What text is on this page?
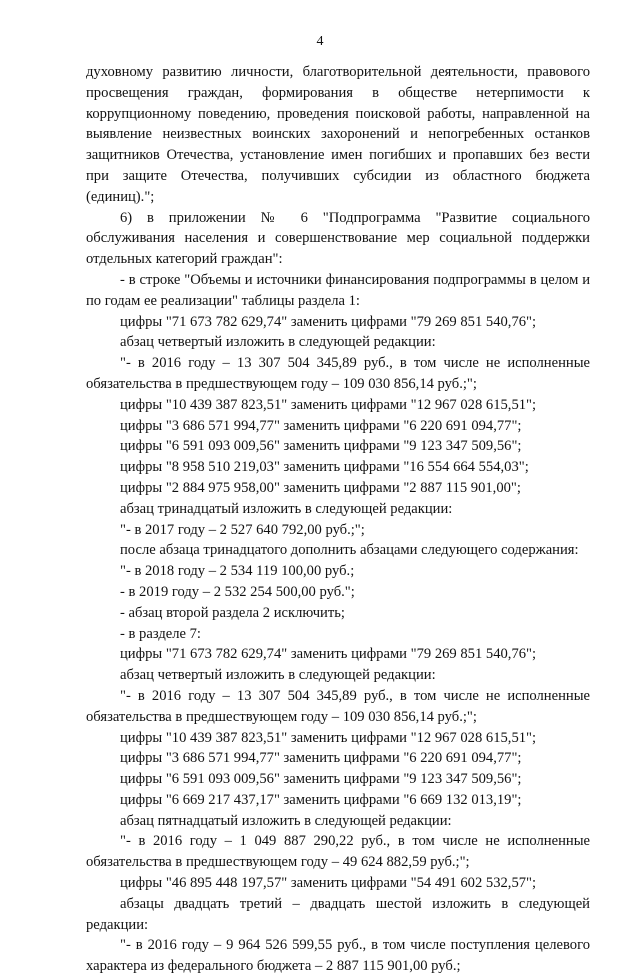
4

духовному развитию личности, благотворительной деятельности, правового просвещения граждан, формирования в обществе нетерпимости к коррупционному поведению, проведения поисковой работы, направленной на выявление неизвестных воинских захоронений и непогребенных останков защитников Отечества, установление имен погибших и пропавших без вести при защите Отечества, получивших субсидии из областного бюджета (единиц).";

6) в приложении № 6 "Подпрограмма "Развитие социального обслуживания населения и совершенствование мер социальной поддержки отдельных категорий граждан":

- в строке "Объемы и источники финансирования подпрограммы в целом и по годам ее реализации" таблицы раздела 1:

цифры "71 673 782 629,74" заменить цифрами "79 269 851 540,76";

абзац четвертый изложить в следующей редакции:

"- в 2016 году – 13 307 504 345,89 руб., в том числе не исполненные обязательства в предшествующем году – 109 030 856,14 руб.;";

цифры "10 439 387 823,51" заменить цифрами "12 967 028 615,51";

цифры "3 686 571 994,77" заменить цифрами "6 220 691 094,77";

цифры "6 591 093 009,56" заменить цифрами "9 123 347 509,56";

цифры "8 958 510 219,03" заменить цифрами "16 554 664 554,03";

цифры "2 884 975 958,00" заменить цифрами "2 887 115 901,00";

абзац тринадцатый изложить в следующей редакции:

"- в 2017 году – 2 527 640 792,00 руб.;";

после абзаца тринадцатого дополнить абзацами следующего содержания:

"- в 2018 году – 2 534 119 100,00 руб.;

- в 2019 году – 2 532 254 500,00 руб.";

- абзац второй раздела 2 исключить;

- в разделе 7:

цифры "71 673 782 629,74" заменить цифрами "79 269 851 540,76";

абзац четвертый изложить в следующей редакции:

"- в 2016 году – 13 307 504 345,89 руб., в том числе не исполненные обязательства в предшествующем году – 109 030 856,14 руб.;";

цифры "10 439 387 823,51" заменить цифрами "12 967 028 615,51";

цифры "3 686 571 994,77" заменить цифрами "6 220 691 094,77";

цифры "6 591 093 009,56" заменить цифрами "9 123 347 509,56";

цифры "6 669 217 437,17" заменить цифрами "6 669 132 013,19";

абзац пятнадцатый изложить в следующей редакции:

"- в 2016 году – 1 049 887 290,22 руб., в том числе не исполненные обязательства в предшествующем году – 49 624 882,59 руб.;";

цифры "46 895 448 197,57" заменить цифрами "54 491 602 532,57";

абзацы двадцать третий – двадцать шестой изложить в следующей редакции:

"- в 2016 году – 9 964 526 599,55 руб., в том числе поступления целевого характера из федерального бюджета – 2 887 115 901,00 руб.;
